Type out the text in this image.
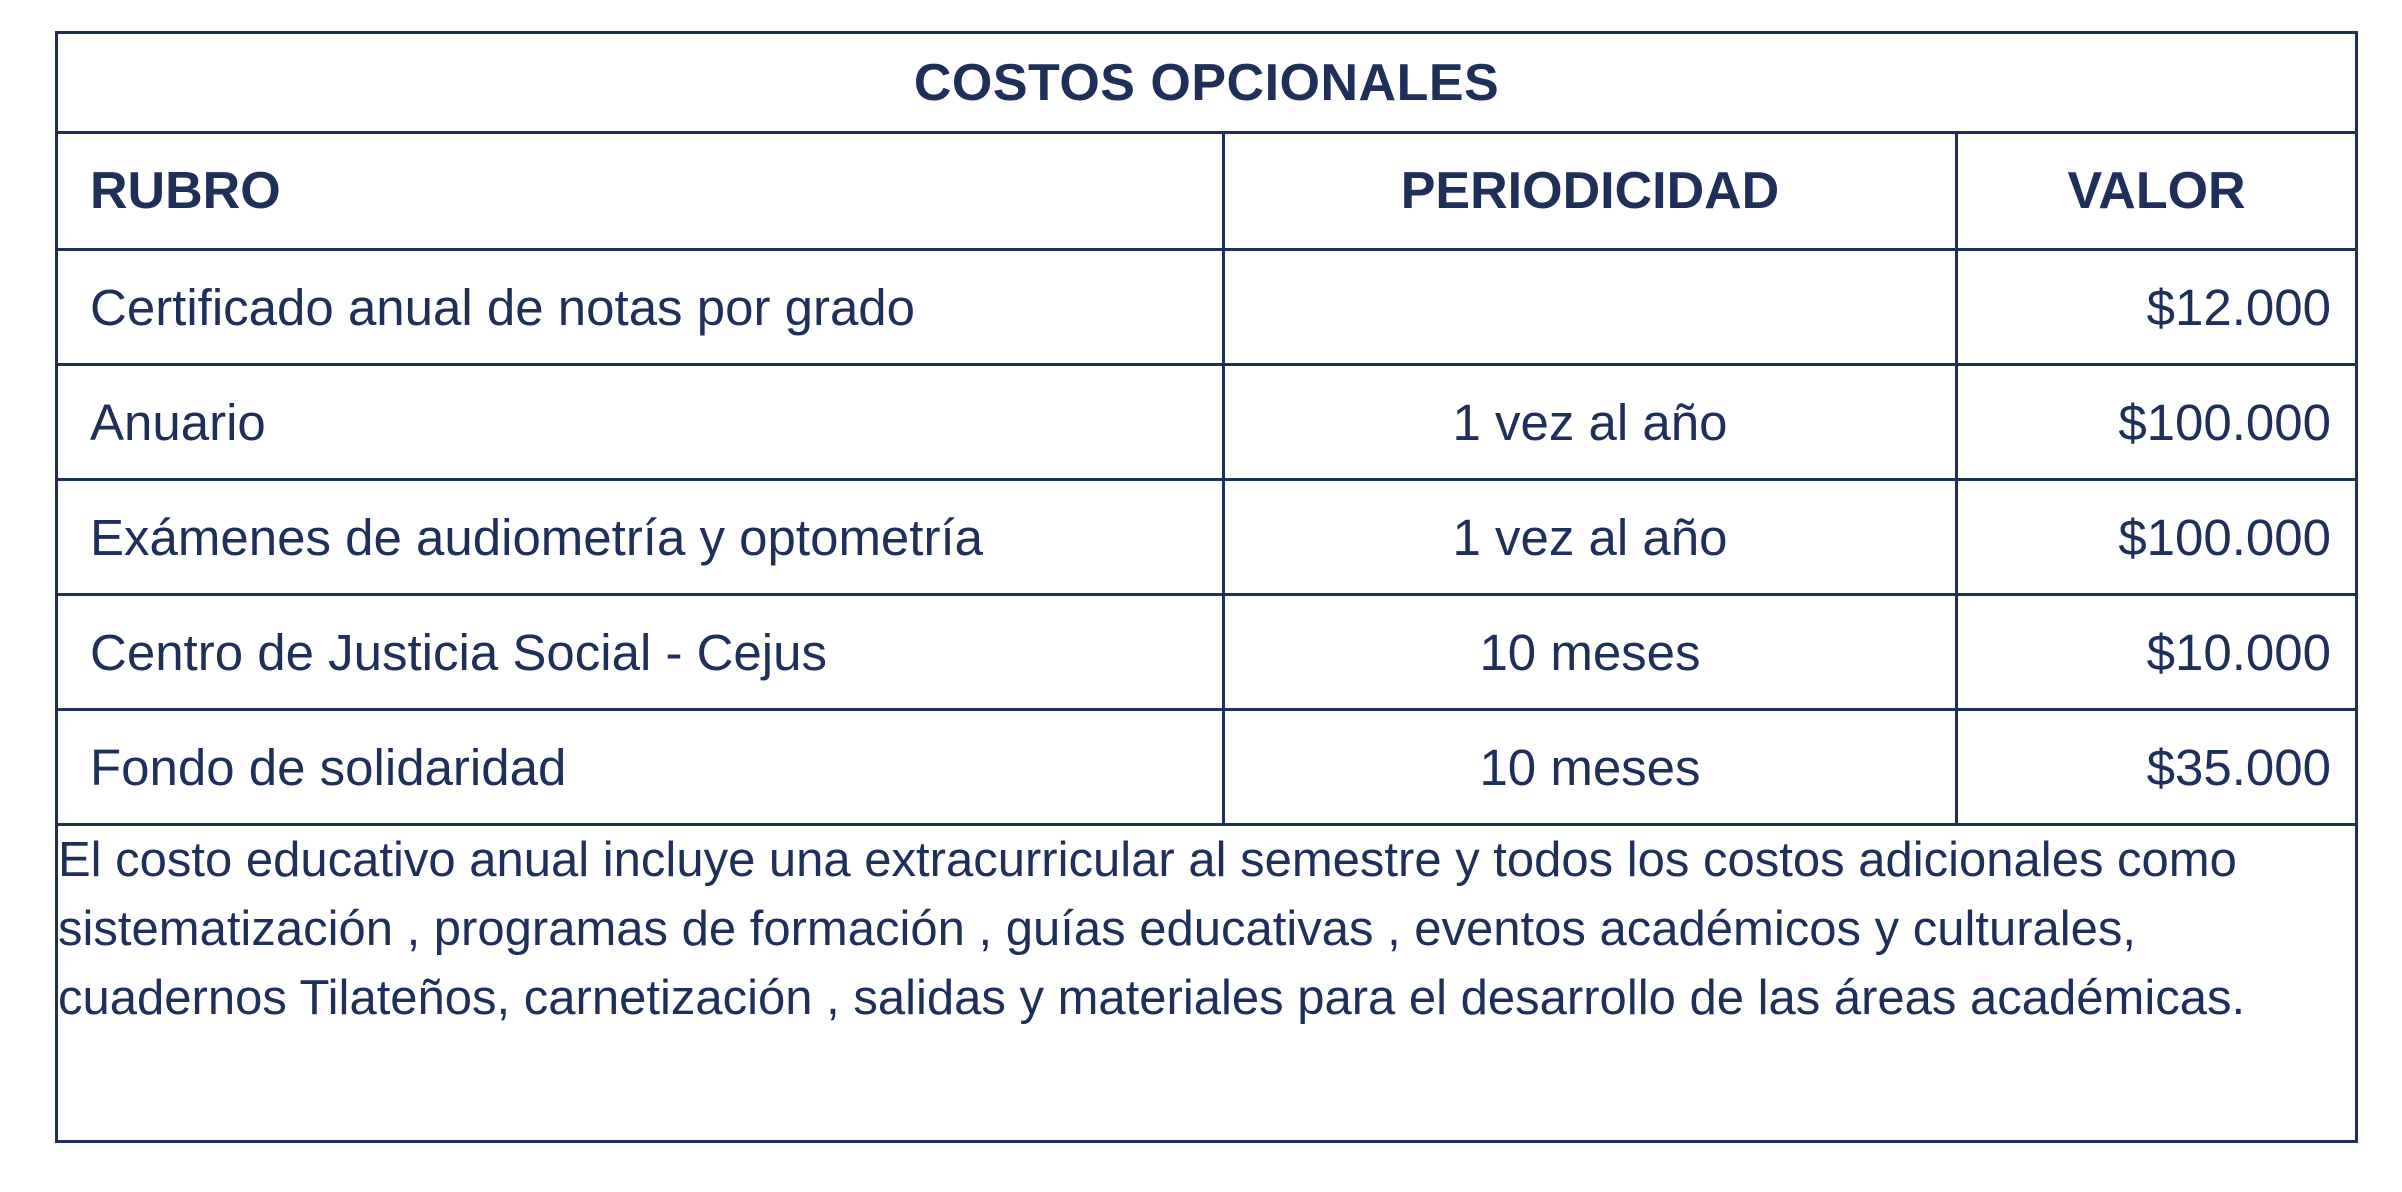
COSTOS OPCIONALES		
RUBRO	PERIODICIDAD	VALOR
Certificado anual de notas por grado		$12.000
Anuario	1 vez al año	$100.000
Exámenes de audiometría y optometría	1 vez al año	$100.000
Centro de Justicia Social - Cejus	10 meses	$10.000
Fondo de solidaridad	10 meses	$35.000
El costo educativo anual incluye una extracurricular al semestre y todos los costos adicionales como sistematización , programas de formación , guías educativas , eventos académicos y culturales, cuadernos Tilateños, carnetización , salidas y materiales para el desarrollo de las áreas académicas.		
